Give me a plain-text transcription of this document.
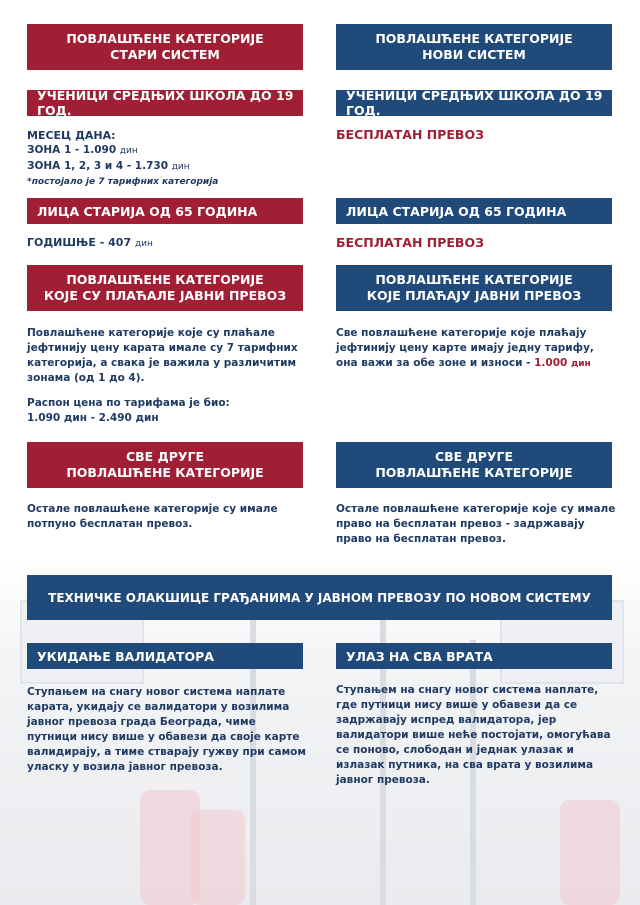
ПОВЛАШЋЕНЕ КАТЕГОРИЈЕ
СТАРИ СИСТЕМ
УЧЕНИЦИ СРЕДЊИХ ШКОЛА ДО 19 ГОД.
МЕСЕЦ ДАНА:
ЗОНА 1 - 1.090 дин
ЗОНА 1, 2, 3 и 4 - 1.730 дин
*постојало је 7 тарифних категорија
ЛИЦА СТАРИЈА ОД 65 ГОДИНА
ГОДИШЊЕ - 407 дин
ПОВЛАШЋЕНЕ КАТЕГОРИЈЕ
КОЈЕ СУ ПЛАЋАЛЕ ЈАВНИ ПРЕВОЗ
Повлашћене категорије које су плаћале
јефтинију цену карата имале су 7 тарифних
категорија, а свака је важила у различитим
зонама (од 1 до 4).
Распон цена по тарифама је био:
1.090 дин - 2.490 дин
СВЕ ДРУГЕ
ПОВЛАШЋЕНЕ КАТЕГОРИЈЕ
Остале повлашћене категорије су имале
потпуно бесплатан превоз.
ПОВЛАШЋЕНЕ КАТЕГОРИЈЕ
НОВИ СИСТЕМ
УЧЕНИЦИ СРЕДЊИХ ШКОЛА ДО 19 ГОД.
БЕСПЛАТАН ПРЕВОЗ
ЛИЦА СТАРИЈА ОД 65 ГОДИНА
БЕСПЛАТАН ПРЕВОЗ
ПОВЛАШЋЕНЕ КАТЕГОРИЈЕ
КОЈЕ ПЛАЋАЈУ ЈАВНИ ПРЕВОЗ
Све повлашћене категорије које плаћају
јефтинију цену карте имају једну тарифу,
она важи за обе зоне и износи - 1.000 дин
СВЕ ДРУГЕ
ПОВЛАШЋЕНЕ КАТЕГОРИЈЕ
Остале повлашћене категорије које су имале
право на бесплатан превоз - задржавају
право на бесплатан превоз.
ТЕХНИЧКЕ ОЛАКШИЦЕ ГРАЂАНИМА У ЈАВНОМ ПРЕВОЗУ ПО НОВОМ СИСТЕМУ
УКИДАЊЕ ВАЛИДАТОРА	УЛАЗ НА СВА ВРАТА
Ступањем на снагу новог система наплате
карата, укидају се валидатори у возилима
јавног превоза града Београда, чиме
путници нису више у обавези да своје карте
валидирају, а тиме стварају гужву при самом
уласку у возила јавног превоза.
Ступањем на снагу новог система наплате,
где путници нису више у обавези да се
задржавају испред валидатора, јер
валидатори више неће постојати, омогућава
се поново, слободан и једнак улазак и
излазак путника, на сва врата у возилима
јавног превоза.
